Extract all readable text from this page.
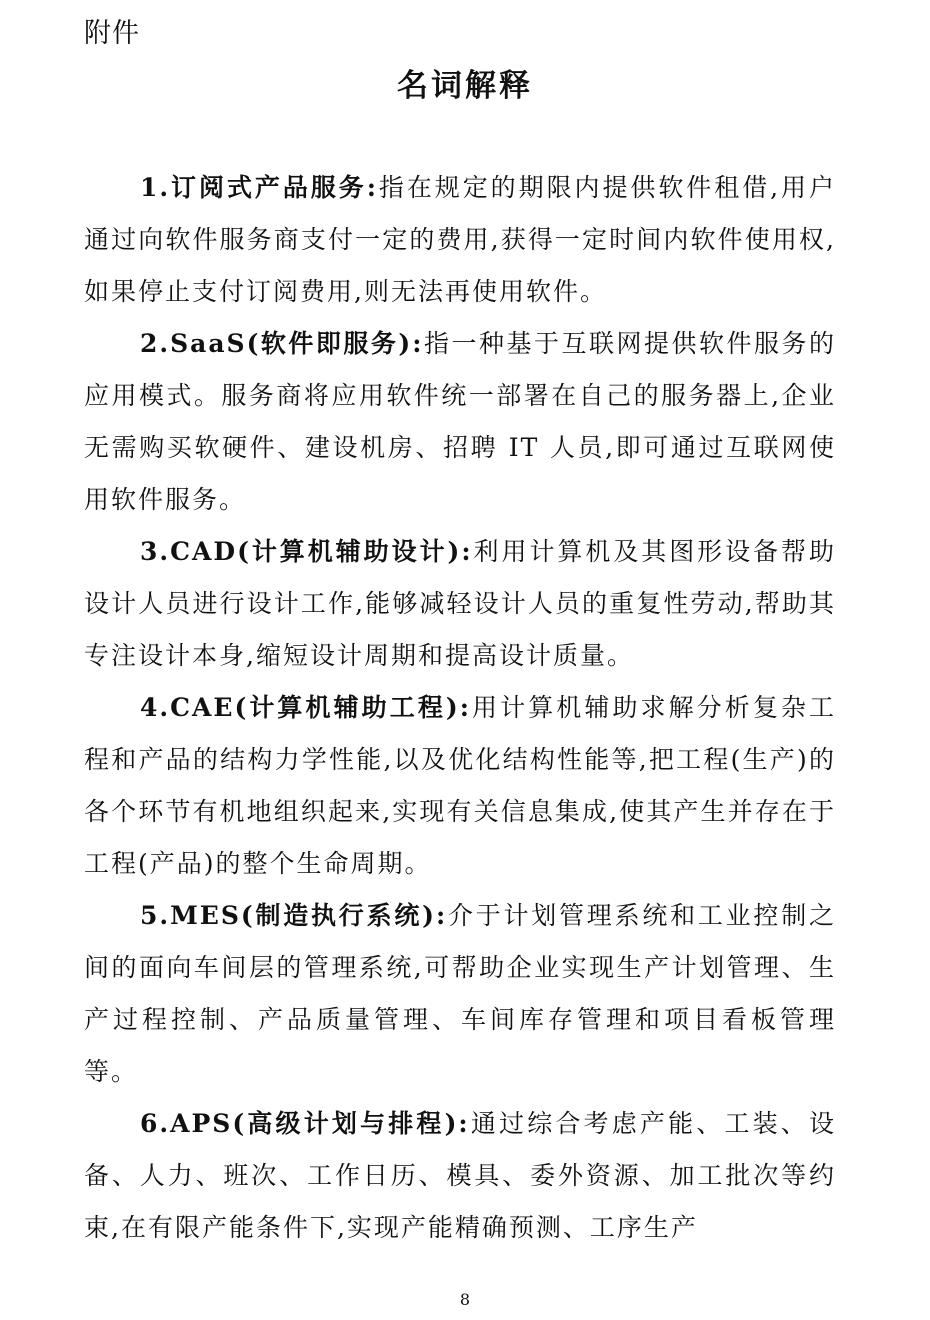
附件
名词解释

1.订阅式产品服务:指在规定的期限内提供软件租借,用户通过向软件服务商支付一定的费用,获得一定时间内软件使用权,如果停止支付订阅费用,则无法再使用软件。

2.SaaS(软件即服务):指一种基于互联网提供软件服务的应用模式。服务商将应用软件统一部署在自己的服务器上,企业无需购买软硬件、建设机房、招聘 IT 人员,即可通过互联网使用软件服务。

3.CAD(计算机辅助设计):利用计算机及其图形设备帮助设计人员进行设计工作,能够减轻设计人员的重复性劳动,帮助其专注设计本身,缩短设计周期和提高设计质量。

4.CAE(计算机辅助工程):用计算机辅助求解分析复杂工程和产品的结构力学性能,以及优化结构性能等,把工程(生产)的各个环节有机地组织起来,实现有关信息集成,使其产生并存在于工程(产品)的整个生命周期。

5.MES(制造执行系统):介于计划管理系统和工业控制之间的面向车间层的管理系统,可帮助企业实现生产计划管理、生产过程控制、产品质量管理、车间库存管理和项目看板管理等。

6.APS(高级计划与排程):通过综合考虑产能、工装、设备、人力、班次、工作日历、模具、委外资源、加工批次等约束,在有限产能条件下,实现产能精确预测、工序生产

8
